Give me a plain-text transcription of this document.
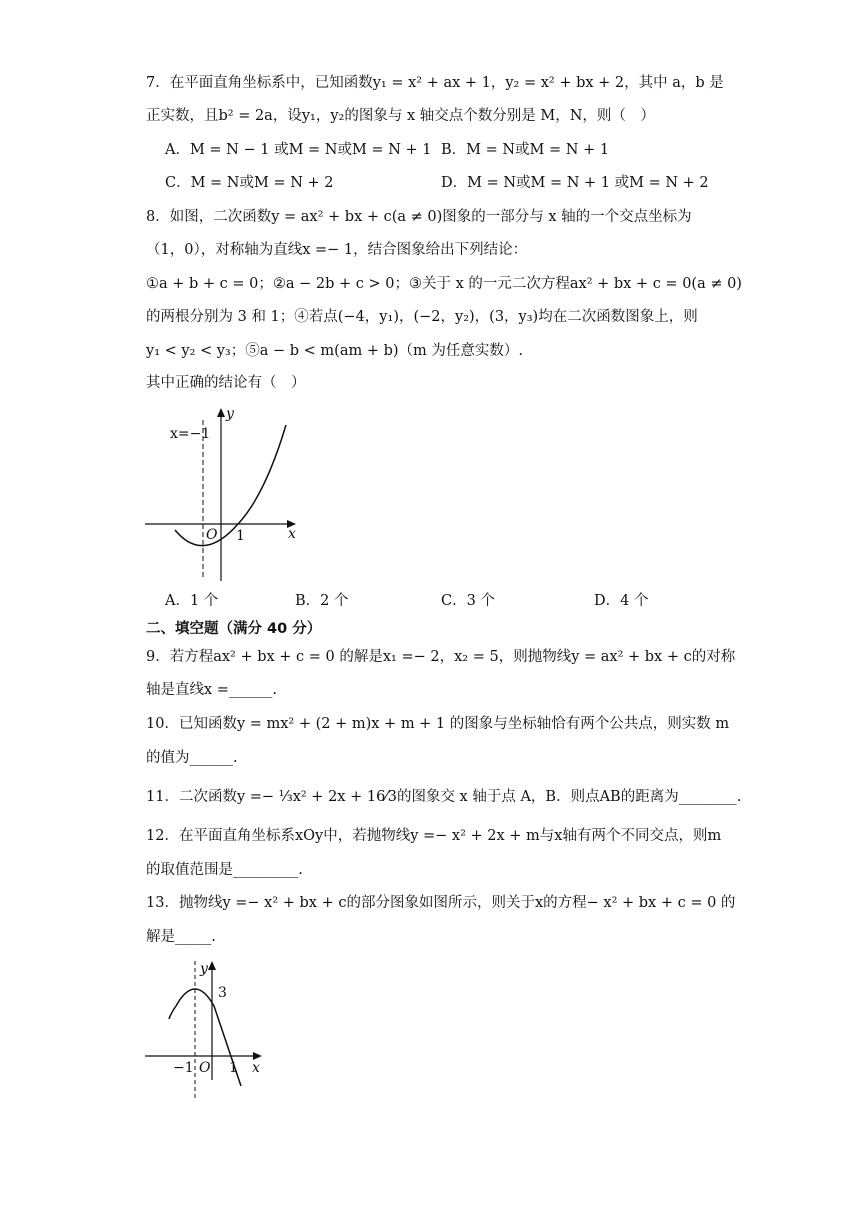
7．在平面直角坐标系中，已知函数y₁ = x² + ax + 1，y₂ = x² + bx + 2，其中 a，b 是
正实数，且b² = 2a，设y₁，y₂的图象与 x 轴交点个数分别是 M，N，则（　）
A．M = N − 1 或M = N或M = N + 1 B．M = N或M = N + 1
C．M = N或M = N + 2	D．M = N或M = N + 1 或M = N + 2
8．如图，二次函数y = ax² + bx + c(a ≠ 0)图象的一部分与 x 轴的一个交点坐标为
（1，0），对称轴为直线x =− 1，结合图象给出下列结论：
①a + b + c = 0；②a − 2b + c > 0；③关于 x 的一元二次方程ax² + bx + c = 0(a ≠ 0)
的两根分别为 3 和 1；④若点(−4，y₁)，(−2，y₂)，(3，y₃)均在二次函数图象上，则
y₁ < y₂ < y₃；⑤a − b < m(am + b)（m 为任意实数）.
其中正确的结论有（　）
x=−1
y
x
O 1
A．1 个	B．2 个	C．3 个	D．4 个
二、填空题（满分 40 分）
9．若方程ax² + bx + c = 0 的解是x₁ =− 2，x₂ = 5，则抛物线y = ax² + bx + c的对称
轴是直线x =______.
10．已知函数y = mx² + (2 + m)x + m + 1 的图象与坐标轴恰有两个公共点，则实数 m
的值为______.
11．二次函数y =− ⅓x² + 2x + 16⁄3的图象交 x 轴于点 A，B．则点AB的距离为________.
12．在平面直角坐标系xOy中，若抛物线y =− x² + 2x + m与x轴有两个不同交点，则m
的取值范围是_________.
13．抛物线y =− x² + bx + c的部分图象如图所示，则关于x的方程− x² + bx + c = 0 的
解是_____.
y
3
−1 O 1 x
